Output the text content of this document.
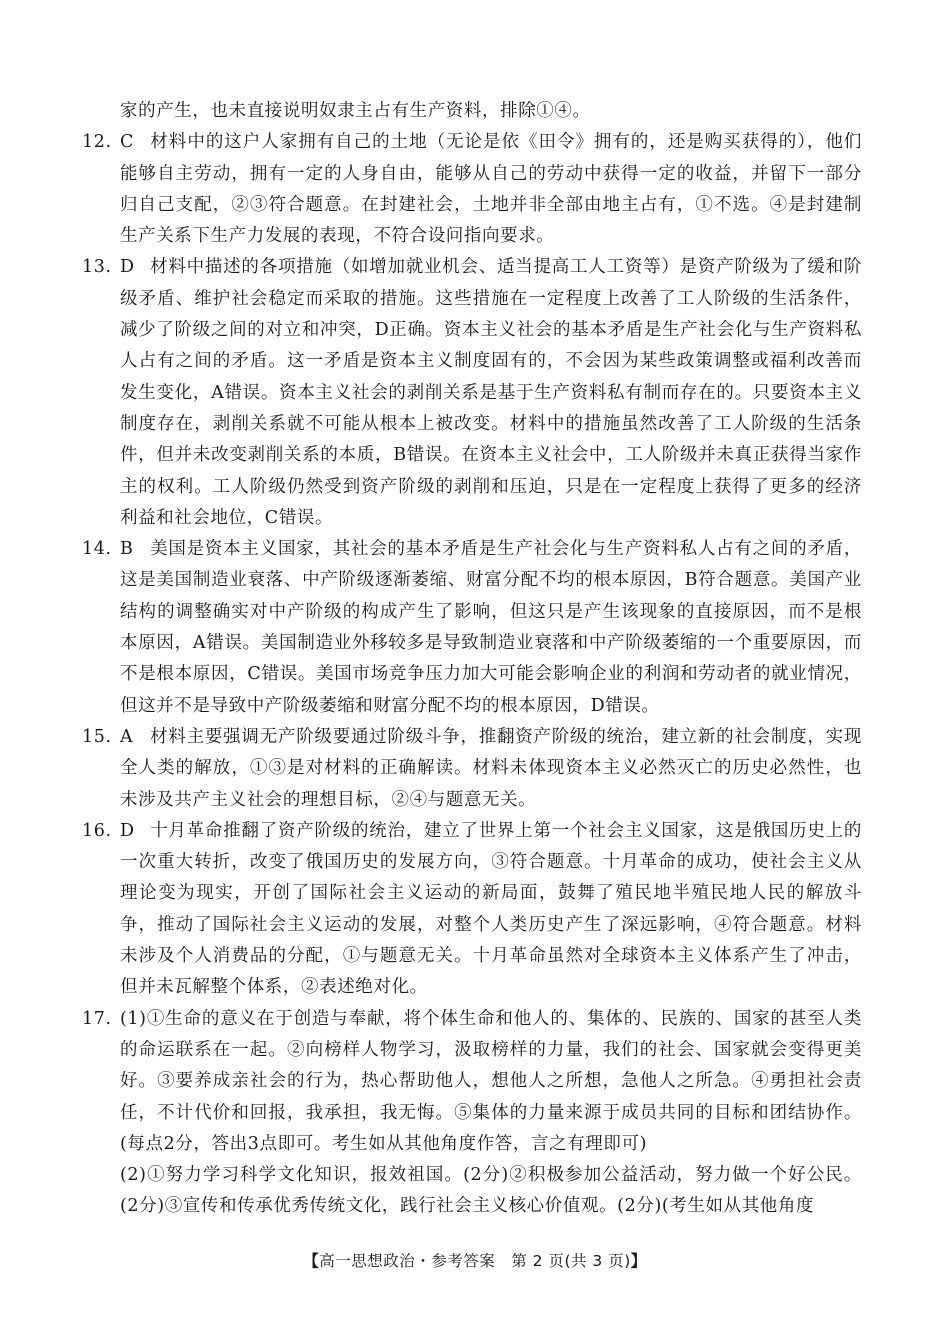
家的产生，也未直接说明奴隶主占有生产资料，排除①④。
12. C 材料中的这户人家拥有自己的土地（无论是依《田令》拥有的，还是购买获得的），他们能够自主劳动，拥有一定的人身自由，能够从自己的劳动中获得一定的收益，并留下一部分归自己支配，②③符合题意。在封建社会，土地并非全部由地主占有，①不选。④是封建制生产关系下生产力发展的表现，不符合设问指向要求。
13. D 材料中描述的各项措施（如增加就业机会、适当提高工人工资等）是资产阶级为了缓和阶级矛盾、维护社会稳定而采取的措施。这些措施在一定程度上改善了工人阶级的生活条件，减少了阶级之间的对立和冲突，D正确。资本主义社会的基本矛盾是生产社会化与生产资料私人占有之间的矛盾。这一矛盾是资本主义制度固有的，不会因为某些政策调整或福利改善而发生变化，A错误。资本主义社会的剥削关系是基于生产资料私有制而存在的。只要资本主义制度存在，剥削关系就不可能从根本上被改变。材料中的措施虽然改善了工人阶级的生活条件，但并未改变剥削关系的本质，B错误。在资本主义社会中，工人阶级并未真正获得当家作主的权利。工人阶级仍然受到资产阶级的剥削和压迫，只是在一定程度上获得了更多的经济利益和社会地位，C错误。
14. B 美国是资本主义国家，其社会的基本矛盾是生产社会化与生产资料私人占有之间的矛盾，这是美国制造业衰落、中产阶级逐渐萎缩、财富分配不均的根本原因，B符合题意。美国产业结构的调整确实对中产阶级的构成产生了影响，但这只是产生该现象的直接原因，而不是根本原因，A错误。美国制造业外移较多是导致制造业衰落和中产阶级萎缩的一个重要原因，而不是根本原因，C错误。美国市场竞争压力加大可能会影响企业的利润和劳动者的就业情况，但这并不是导致中产阶级萎缩和财富分配不均的根本原因，D错误。
15. A 材料主要强调无产阶级要通过阶级斗争，推翻资产阶级的统治，建立新的社会制度，实现全人类的解放，①③是对材料的正确解读。材料未体现资本主义必然灭亡的历史必然性，也未涉及共产主义社会的理想目标，②④与题意无关。
16. D 十月革命推翻了资产阶级的统治，建立了世界上第一个社会主义国家，这是俄国历史上的一次重大转折，改变了俄国历史的发展方向，③符合题意。十月革命的成功，使社会主义从理论变为现实，开创了国际社会主义运动的新局面，鼓舞了殖民地半殖民地人民的解放斗争，推动了国际社会主义运动的发展，对整个人类历史产生了深远影响，④符合题意。材料未涉及个人消费品的分配，①与题意无关。十月革命虽然对全球资本主义体系产生了冲击，但并未瓦解整个体系，②表述绝对化。
17. (1)①生命的意义在于创造与奉献，将个体生命和他人的、集体的、民族的、国家的甚至人类的命运联系在一起。②向榜样人物学习，汲取榜样的力量，我们的社会、国家就会变得更美好。③要养成亲社会的行为，热心帮助他人，想他人之所想，急他人之所急。④勇担社会责任，不计代价和回报，我承担，我无悔。⑤集体的力量来源于成员共同的目标和团结协作。(每点2分，答出3点即可。考生如从其他角度作答，言之有理即可)
(2)①努力学习科学文化知识，报效祖国。(2分)②积极参加公益活动，努力做一个好公民。(2分)③宣传和传承优秀传统文化，践行社会主义核心价值观。(2分)(考生如从其他角度
【高一思想政治・参考答案　第 2 页(共 3 页)】
